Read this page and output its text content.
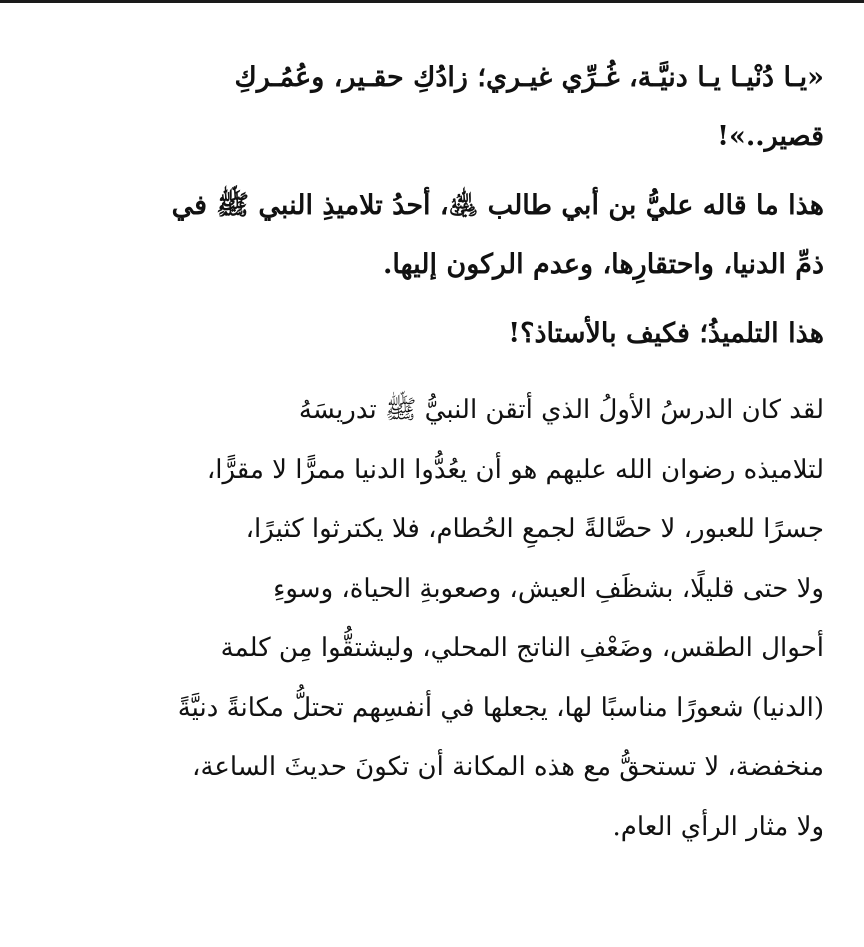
«يـا دُنْيـا يـا دنيَّـة، غُـرِّي غيـري؛ زادُكِ حقـير، وعُمُـركِ
قصير..»!
هذا ما قاله عليُّ بن أبي طالب ﵁، أحدُ تلاميذِ النبي ﷺ في
ذمِّ الدنيا، واحتقارِها، وعدم الركون إليها.
هذا التلميذُ؛ فكيف بالأستاذ؟!
لقد كان الدرسُ الأولُ الذي أتقن النبيُّ ﷺ تدريسَهُ
لتلاميذه رضوان الله عليهم هو أن يعُدُّوا الدنيا ممرًّا لا مقرًّا،
جسرًا للعبور، لا حصَّالةً لجمعِ الحُطام، فلا يكترثوا كثيرًا،
ولا حتى قليلًا، بشظَفِ العيش، وصعوبةِ الحياة، وسوءِ
أحوال الطقس، وضَعْفِ الناتج المحلي، وليشتقُّوا مِن كلمة
(الدنيا) شعورًا مناسبًا لها، يجعلها في أنفسِهم تحتلُّ مكانةً دنيَّةً
منخفضة، لا تستحقُّ مع هذه المكانة أن تكونَ حديثَ الساعة،
ولا مثار الرأي العام.
